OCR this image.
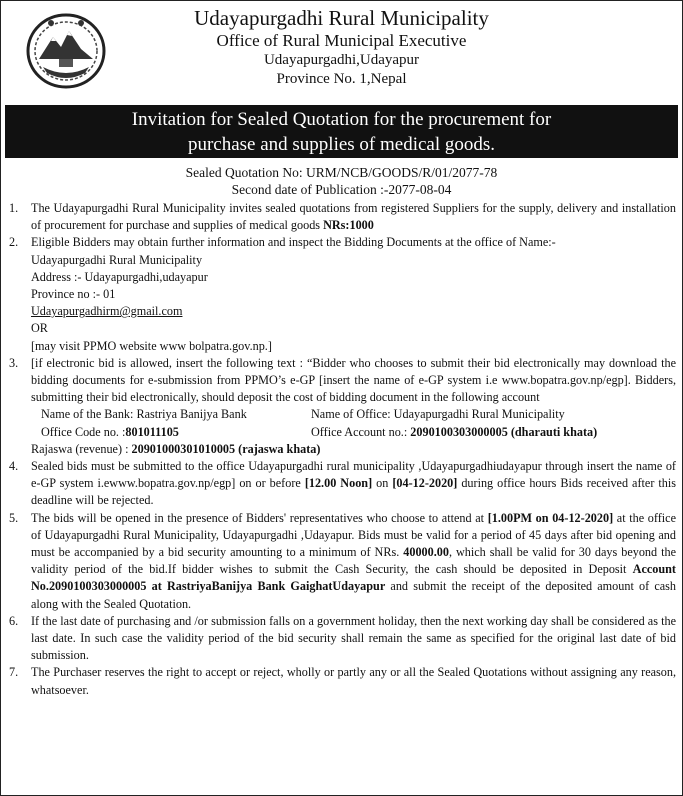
Udayapurgadhi Rural Municipality
Office of Rural Municipal Executive
Udayapurgadhi,Udayapur
Province No. 1,Nepal
Invitation for Sealed Quotation for the procurement for
purchase and supplies of medical goods.
Sealed Quotation No: URM/NCB/GOODS/R/01/2077-78
Second date of Publication :-2077-08-04
1.	The Udayapurgadhi Rural Municipality invites sealed quotations from registered Suppliers for the supply, delivery and installation of procurement for purchase and supplies of medical goods NRs:1000
2.	Eligible Bidders may obtain further information and inspect the Bidding Documents at the office of Name:-
Udayapurgadhi Rural Municipality
Address :- Udayapurgadhi,udayapur
Province no :- 01
Udayapurgadhirm@gmail.com
OR
[may visit PPMO website www bolpatra.gov.np.]
3.	[if electronic bid is allowed, insert the following text : “Bidder who chooses to submit their bid electronically may download the bidding documents for e-submission from PPMO’s e-GP [insert the name of e-GP system i.e www.bopatra.gov.np/egp]. Bidders, submitting their bid electronically, should deposit the cost of bidding document in the following account
Name of the Bank: Rastriya Banijya Bank	Name of Office: Udayapurgadhi Rural Municipality
Office Code no. :801011105	Office Account no.: 2090100303000005 (dharauti khata)
Rajaswa (revenue) : 20901000301010005 (rajaswa khata)
4.	Sealed bids must be submitted to the office Udayapurgadhi rural municipality ,Udayapurgadhiudayapur through insert the name of e-GP system i.ewww.bopatra.gov.np/egp] on or before [12.00 Noon] on [04-12-2020] during office hours Bids received after this deadline will be rejected.
5.	The bids will be opened in the presence of Bidders' representatives who choose to attend at [1.00PM on 04-12-2020] at the office of Udayapurgadhi Rural Municipality, Udayapurgadhi ,Udayapur. Bids must be valid for a period of 45 days after bid opening and must be accompanied by a bid security amounting to a minimum of NRs. 40000.00, which shall be valid for 30 days beyond the validity period of the bid.If bidder wishes to submit the Cash Security, the cash should be deposited in Deposit Account No.2090100303000005 at RastriyaBanijya Bank GaighatUdayapur and submit the receipt of the deposited amount of cash along with the Sealed Quotation.
6.	If the last date of purchasing and /or submission falls on a government holiday, then the next working day shall be considered as the last date. In such case the validity period of the bid security shall remain the same as specified for the original last date of bid submission.
7.	The Purchaser reserves the right to accept or reject, wholly or partly any or all the Sealed Quotations without assigning any reason, whatsoever.
